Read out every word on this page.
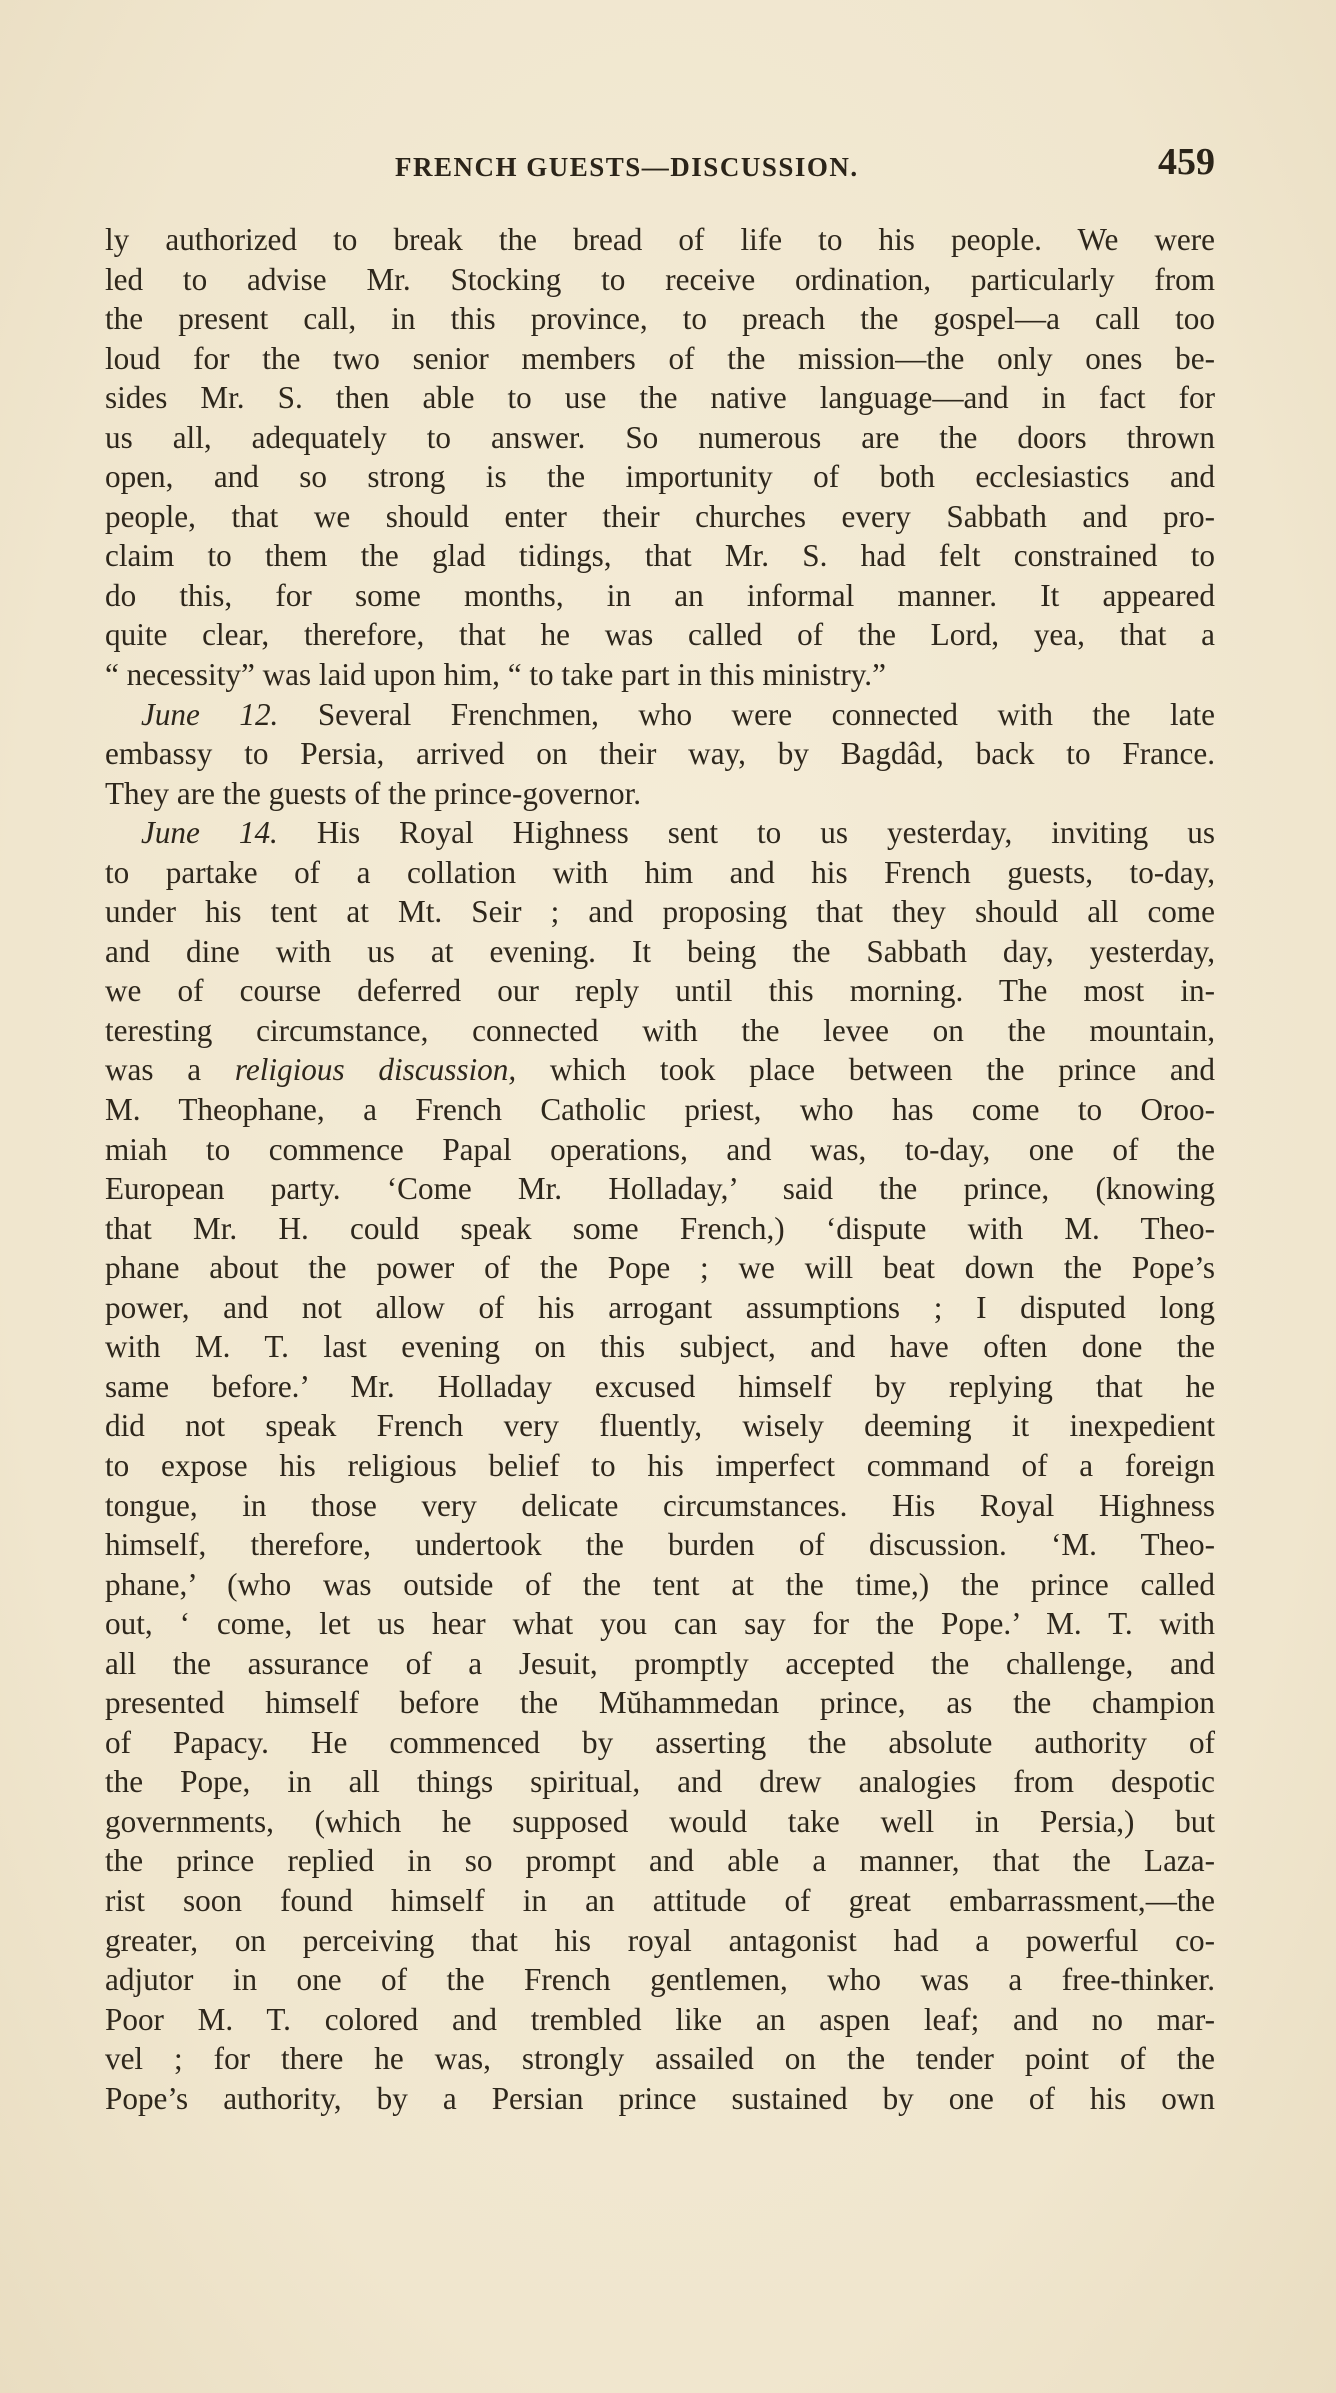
FRENCH GUESTS—DISCUSSION.	459
ly authorized to break the bread of life to his people. We were
led to advise Mr. Stocking to receive ordination, particularly from
the present call, in this province, to preach the gospel—a call too
loud for the two senior members of the mission—the only ones be-
sides Mr. S. then able to use the native language—and in fact for
us all, adequately to answer. So numerous are the doors thrown
open, and so strong is the importunity of both ecclesiastics and
people, that we should enter their churches every Sabbath and pro-
claim to them the glad tidings, that Mr. S. had felt constrained to
do this, for some months, in an informal manner. It appeared
quite clear, therefore, that he was called of the Lord, yea, that a
“ necessity” was laid upon him, “ to take part in this ministry.”
June 12. Several Frenchmen, who were connected with the late
embassy to Persia, arrived on their way, by Bagdâd, back to France.
They are the guests of the prince-governor.
June 14. His Royal Highness sent to us yesterday, inviting us
to partake of a collation with him and his French guests, to-day,
under his tent at Mt. Seir ; and proposing that they should all come
and dine with us at evening. It being the Sabbath day, yesterday,
we of course deferred our reply until this morning. The most in-
teresting circumstance, connected with the levee on the mountain,
was a religious discussion, which took place between the prince and
M. Theophane, a French Catholic priest, who has come to Oroo-
miah to commence Papal operations, and was, to-day, one of the
European party. ‘Come Mr. Holladay,’ said the prince, (knowing
that Mr. H. could speak some French,) ‘dispute with M. Theo-
phane about the power of the Pope ; we will beat down the Pope’s
power, and not allow of his arrogant assumptions ; I disputed long
with M. T. last evening on this subject, and have often done the
same before.’ Mr. Holladay excused himself by replying that he
did not speak French very fluently, wisely deeming it inexpedient
to expose his religious belief to his imperfect command of a foreign
tongue, in those very delicate circumstances. His Royal Highness
himself, therefore, undertook the burden of discussion. ‘M. Theo-
phane,’ (who was outside of the tent at the time,) the prince called
out, ‘ come, let us hear what you can say for the Pope.’ M. T. with
all the assurance of a Jesuit, promptly accepted the challenge, and
presented himself before the Mŭhammedan prince, as the champion
of Papacy. He commenced by asserting the absolute authority of
the Pope, in all things spiritual, and drew analogies from despotic
governments, (which he supposed would take well in Persia,) but
the prince replied in so prompt and able a manner, that the Laza-
rist soon found himself in an attitude of great embarrassment,—the
greater, on perceiving that his royal antagonist had a powerful co-
adjutor in one of the French gentlemen, who was a free-thinker.
Poor M. T. colored and trembled like an aspen leaf; and no mar-
vel ; for there he was, strongly assailed on the tender point of the
Pope’s authority, by a Persian prince sustained by one of his own
